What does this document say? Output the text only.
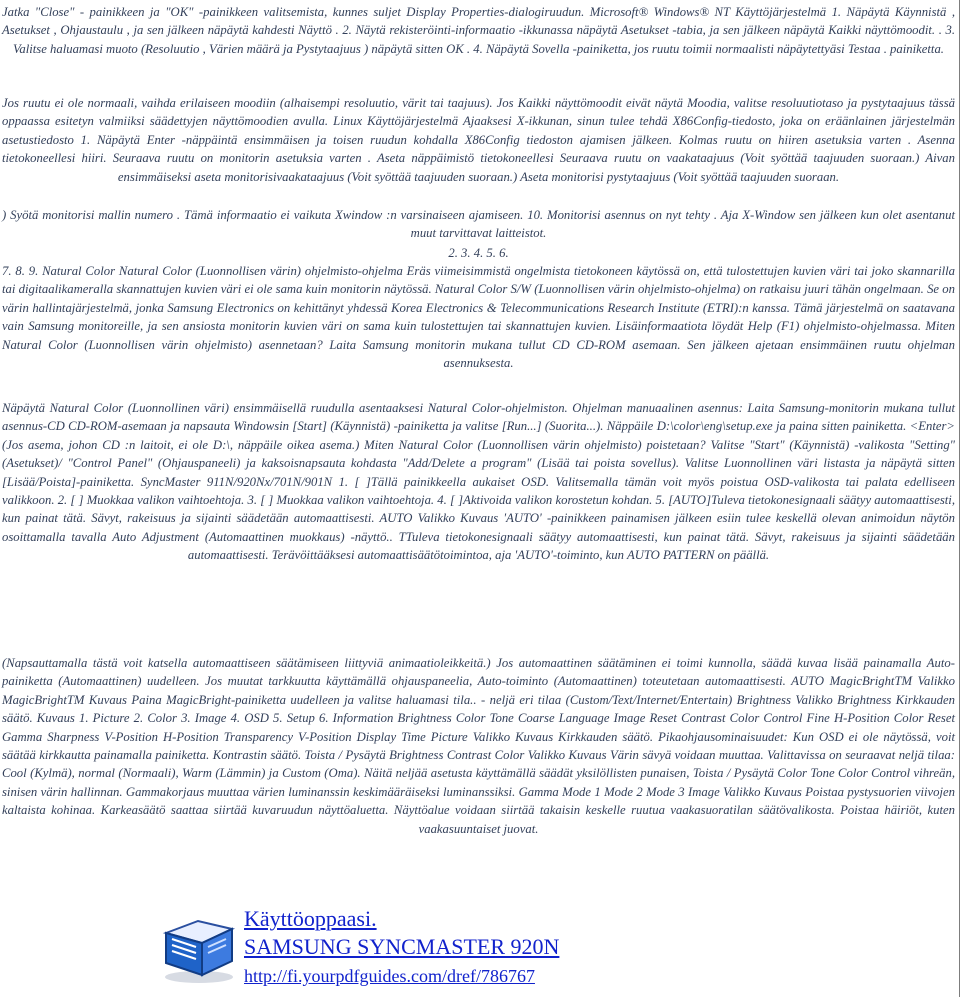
Jatka "Close" - painikkeen ja "OK" -painikkeen valitsemista, kunnes suljet Display Properties-dialogiruudun. Microsoft® Windows® NT Käyttöjärjestelmä 1. Näpäytä Käynnistä , Asetukset , Ohjaustaulu , ja sen jälkeen näpäytä kahdesti Näyttö . 2. Näytä rekisteröinti-informaatio -ikkunassa näpäytä Asetukset -tabia, ja sen jälkeen näpäytä Kaikki näyttömoodit. . 3. Valitse haluamasi muoto (Resoluutio , Värien määrä ja Pystytaajuus ) näpäytä sitten OK . 4. Näpäytä Sovella -painiketta, jos ruutu toimii normaalisti näpäytettyäsi Testaa . painiketta.

Jos ruutu ei ole normaali, vaihda erilaiseen moodiin (alhaisempi resoluutio, värit tai taajuus). Jos Kaikki näyttömoodit eivät näytä Moodia, valitse resoluutiotaso ja pystytaajuus tässä oppaassa esitetyn valmiiksi säädettyjen näyttömoodien avulla. Linux Käyttöjärjestelmä Ajaaksesi X-ikkunan, sinun tulee tehdä X86Config-tiedosto, joka on eräänlainen järjestelmän asetustiedosto 1. Näpäytä Enter -näppäintä ensimmäisen ja toisen ruudun kohdalla X86Config tiedoston ajamisen jälkeen. Kolmas ruutu on hiiren asetuksia varten . Asenna tietokoneellesi hiiri. Seuraava ruutu on monitorin asetuksia varten . Aseta näppäimistö tietokoneellesi Seuraava ruutu on vaakataajuus (Voit syöttää taajuuden suoraan.) Aivan ensimmäiseksi aseta monitorisivaakataajuus (Voit syöttää taajuuden suoraan.) Aseta monitorisi pystytaajuus (Voit syöttää taajuuden suoraan.

) Syötä monitorisi mallin numero . Tämä informaatio ei vaikuta Xwindow :n varsinaiseen ajamiseen. 10. Monitorisi asennus on nyt tehty . Aja X-Window sen jälkeen kun olet asentanut muut tarvittavat laitteistot.

2. 3. 4. 5. 6.

7. 8. 9. Natural Color Natural Color (Luonnollisen värin) ohjelmisto-ohjelma Eräs viimeisimmistä ongelmista tietokoneen käytössä on, että tulostettujen kuvien väri tai joko skannarilla tai digitaalikameralla skannattujen kuvien väri ei ole sama kuin monitorin näytössä. Natural Color S/W (Luonnollisen värin ohjelmisto-ohjelma) on ratkaisu juuri tähän ongelmaan. Se on värin hallintajärjestelmä, jonka Samsung Electronics on kehittänyt yhdessä Korea Electronics & Telecommunications Research Institute (ETRI):n kanssa. Tämä järjestelmä on saatavana vain Samsung monitoreille, ja sen ansiosta monitorin kuvien väri on sama kuin tulostettujen tai skannattujen kuvien. Lisäinformaatiota löydät Help (F1) ohjelmisto-ohjelmassa. Miten Natural Color (Luonnollisen värin ohjelmisto) asennetaan? Laita Samsung monitorin mukana tullut CD CD-ROM asemaan. Sen jälkeen ajetaan ensimmäinen ruutu ohjelman asennuksesta.

Näpäytä Natural Color (Luonnollinen väri) ensimmäisellä ruudulla asentaaksesi Natural Color-ohjelmiston. Ohjelman manuaalinen asennus: Laita Samsung-monitorin mukana tullut asennus-CD CD-ROM-asemaan ja napsauta Windowsin [Start] (Käynnistä) -painiketta ja valitse [Run...] (Suorita...). Näppäile D:\color\eng\setup.exe ja paina sitten painiketta. <Enter> (Jos asema, johon CD :n laitoit, ei ole D:\, näppäile oikea asema.) Miten Natural Color (Luonnollisen värin ohjelmisto) poistetaan? Valitse "Start" (Käynnistä) -valikosta "Setting" (Asetukset)/ "Control Panel" (Ohjauspaneeli) ja kaksoisnapsauta kohdasta "Add/Delete a program" (Lisää tai poista sovellus). Valitse Luonnollinen väri listasta ja näpäytä sitten [Lisää/Poista]-painiketta. SyncMaster 911N/920Nx/701N/901N 1. [ ]Tällä painikkeella aukaiset OSD. Valitsemalla tämän voit myös poistua OSD-valikosta tai palata edelliseen valikkoon. 2. [ ] Muokkaa valikon vaihtoehtoja. 3. [ ] Muokkaa valikon vaihtoehtoja. 4. [ ]Aktivoida valikon korostetun kohdan. 5. [AUTO]Tuleva tietokonesignaali säätyy automaattisesti, kun painat tätä. Sävyt, rakeisuus ja sijainti säädetään automaattisesti. AUTO Valikko Kuvaus 'AUTO' -painikkeen painamisen jälkeen esiin tulee keskellä olevan animoidun näytön osoittamalla tavalla Auto Adjustment (Automaattinen muokkaus) -näyttö.. TTuleva tietokonesignaali säätyy automaattisesti, kun painat tätä. Sävyt, rakeisuus ja sijainti säädetään automaattisesti. Terävöittääksesi automaattisäätötoimintoa, aja 'AUTO'-toiminto, kun AUTO PATTERN on päällä.

(Napsauttamalla tästä voit katsella automaattiseen säätämiseen liittyviä animaatioleikkeitä.) Jos automaattinen säätäminen ei toimi kunnolla, säädä kuvaa lisää painamalla Auto-painiketta (Automaattinen) uudelleen. Jos muutat tarkkuutta käyttämällä ohjauspaneelia, Auto-toiminto (Automaattinen) toteutetaan automaattisesti. AUTO MagicBrightTM Valikko MagicBrightTM Kuvaus Paina MagicBright-painiketta uudelleen ja valitse haluamasi tila.. - neljä eri tilaa (Custom/Text/Internet/Entertain) Brightness Valikko Brightness Kirkkauden säätö. Kuvaus 1. Picture 2. Color 3. Image 4. OSD 5. Setup 6. Information Brightness Color Tone Coarse Language Image Reset Contrast Color Control Fine H-Position Color Reset Gamma Sharpness V-Position H-Position Transparency V-Position Display Time Picture Valikko Kuvaus Kirkkauden säätö. Pikaohjausominaisuudet: Kun OSD ei ole näytössä, voit säätää kirkkautta painamalla painiketta. Kontrastin säätö. Toista / Pysäytä Brightness Contrast Color Valikko Kuvaus Värin sävyä voidaan muuttaa. Valittavissa on seuraavat neljä tilaa: Cool (Kylmä), normal (Normaali), Warm (Lämmin) ja Custom (Oma). Näitä neljää asetusta käyttämällä säädät yksilöllisten punaisen, Toista / Pysäytä Color Tone Color Control vihreän, sinisen värin hallinnan. Gammakorjaus muuttaa värien luminanssin keskimääräiseksi luminanssiksi. Gamma Mode 1 Mode 2 Mode 3 Image Valikko Kuvaus Poistaa pystysuorien viivojen kaltaista kohinaa. Karkeasäätö saattaa siirtää kuvaruudun näyttöaluetta. Näyttöalue voidaan siirtää takaisin keskelle ruutua vaakasuoratilan säätövalikosta. Poistaa häiriöt, kuten vaakasuuntaiset juovat.

Käyttöoppaasi.
SAMSUNG SYNCMASTER 920N
http://fi.yourpdfguides.com/dref/786767
